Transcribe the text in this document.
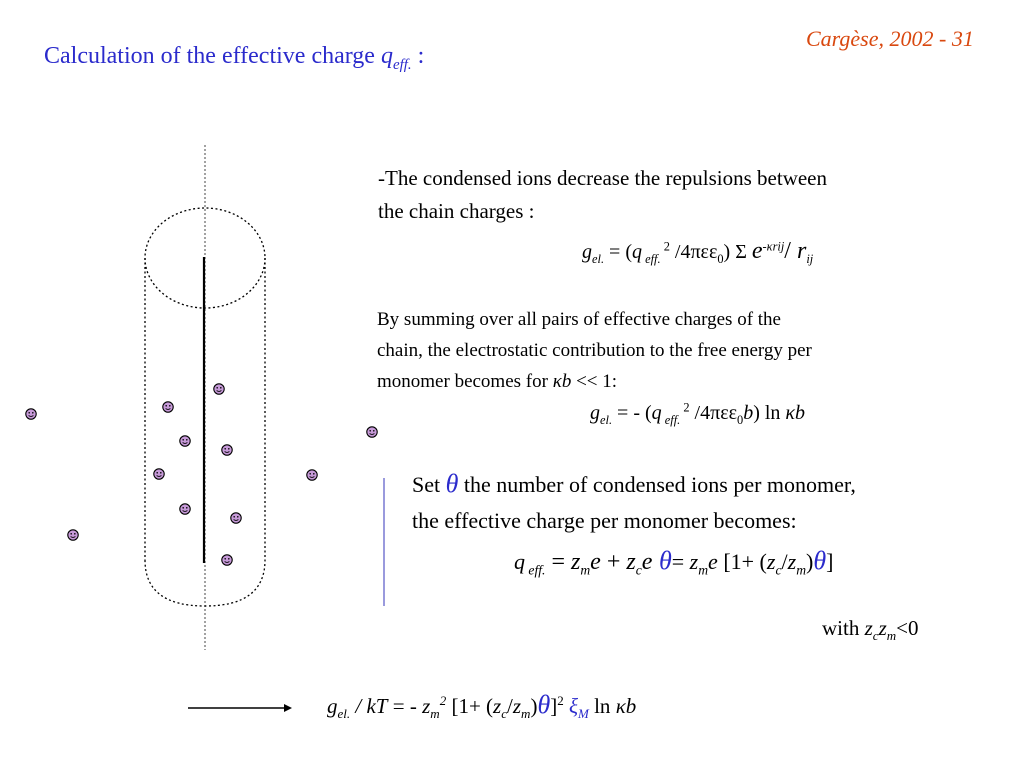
Cargèse, 2002 - 31
Calculation of the effective charge $q_{eff.}$ :
-The condensed ions decrease the repulsions between
the chain charges :
$g_{el.} = (q$ $_{eff.}$ $^2$ /4πεε$_0$) Σ $e^{-\kappa rij}/$ $r_{ij}$
By summing over all pairs of effective charges of the
chain, the electrostatic contribution to the free energy per
monomer becomes for κb << 1:
$g_{el.}$ = - (q $_{eff.}$ $^2$ /4πεε$_0$b) ln κb
Set θ the number of condensed ions per monomer,
the effective charge per monomer becomes:
q $_{eff.} = z_me + z_ce$ $\theta= z_me$ $[1+ (z_c/z_m)\theta]$
with $z_cz_m<0$
$g_{el.}$ / kT = - $z_m^2$ $[1+ (z_c/z_m)\theta]^2$ $\xi_M$ ln κb
